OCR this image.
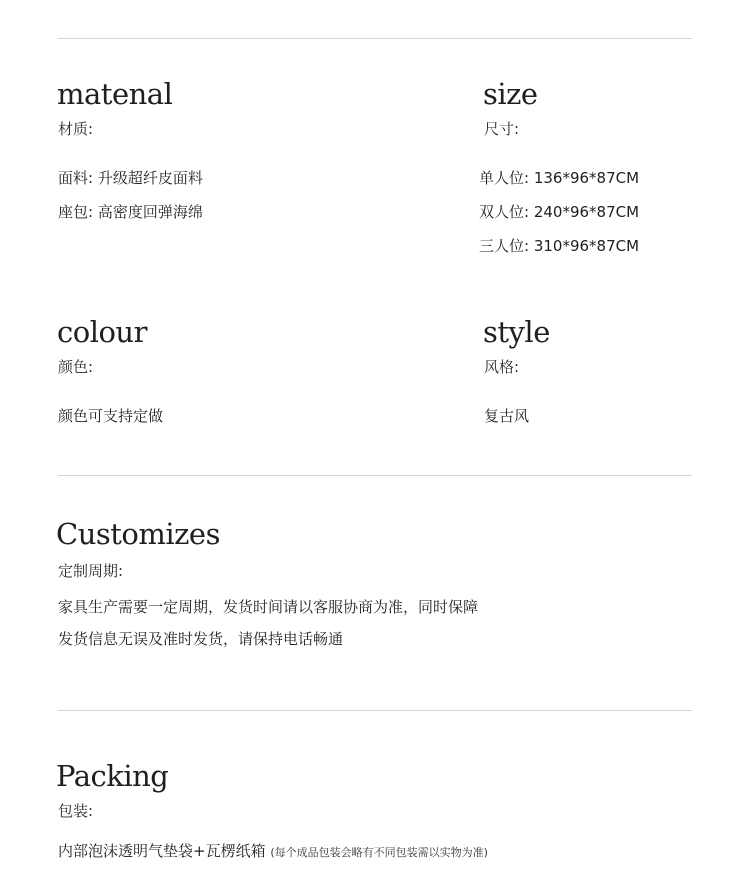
matenal
材质:
面料: 升级超纤皮面料
座包: 高密度回弹海绵
size
尺寸:
单人位: 136*96*87CM
双人位: 240*96*87CM
三人位: 310*96*87CM
colour
颜色:
颜色可支持定做
style
风格:
复古风
Customizes
定制周期:
家具生产需要一定周期，发货时间请以客服协商为准，同时保障
发货信息无误及准时发货，请保持电话畅通
Packing
包装:
内部泡沫透明气垫袋+瓦楞纸箱 (每个成品包装会略有不同包装需以实物为准)
